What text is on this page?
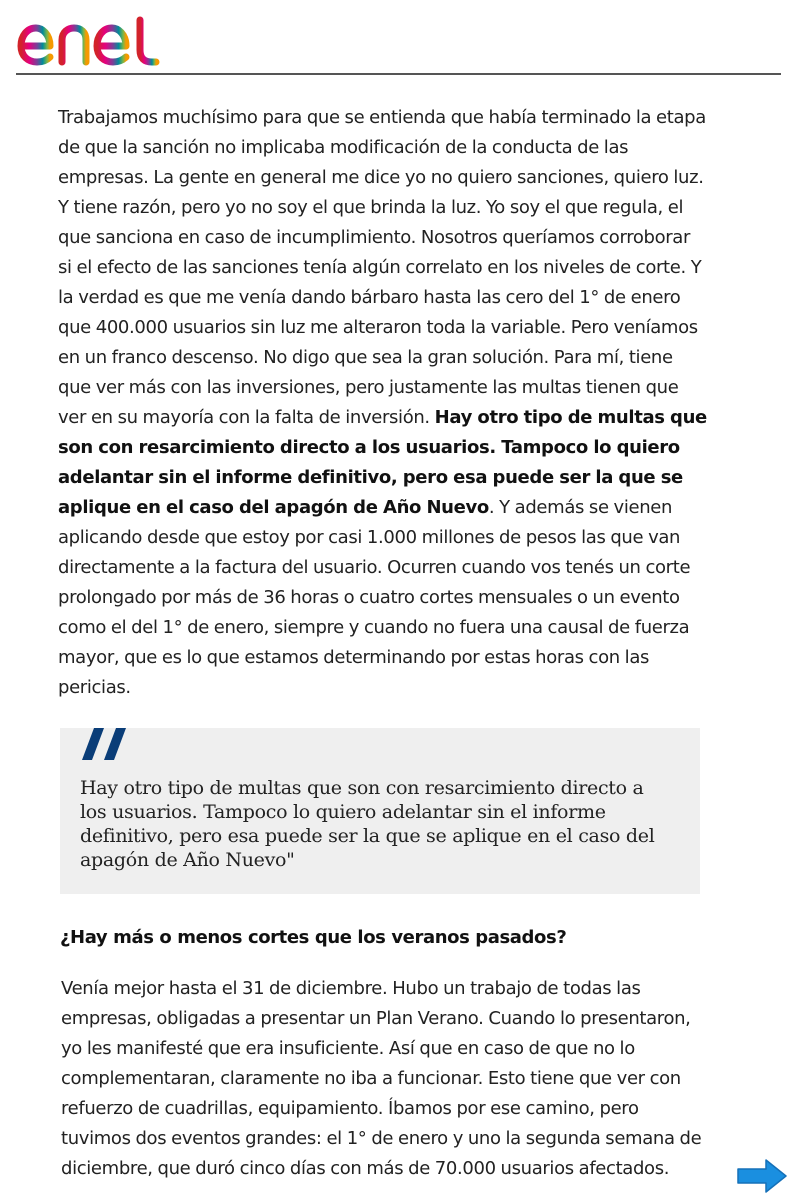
Trabajamos muchísimo para que se entienda que había terminado la etapa de que la sanción no implicaba modificación de la conducta de las empresas. La gente en general me dice yo no quiero sanciones, quiero luz. Y tiene razón, pero yo no soy el que brinda la luz. Yo soy el que regula, el que sanciona en caso de incumplimiento. Nosotros queríamos corroborar si el efecto de las sanciones tenía algún correlato en los niveles de corte. Y la verdad es que me venía dando bárbaro hasta las cero del 1° de enero que 400.000 usuarios sin luz me alteraron toda la variable. Pero veníamos en un franco descenso. No digo que sea la gran solución. Para mí, tiene que ver más con las inversiones, pero justamente las multas tienen que ver en su mayoría con la falta de inversión. Hay otro tipo de multas que son con resarcimiento directo a los usuarios. Tampoco lo quiero adelantar sin el informe definitivo, pero esa puede ser la que se aplique en el caso del apagón de Año Nuevo. Y además se vienen aplicando desde que estoy por casi 1.000 millones de pesos las que van directamente a la factura del usuario. Ocurren cuando vos tenés un corte prolongado por más de 36 horas o cuatro cortes mensuales o un evento como el del 1° de enero, siempre y cuando no fuera una causal de fuerza mayor, que es lo que estamos determinando por estas horas con las pericias.

Hay otro tipo de multas que son con resarcimiento directo a los usuarios. Tampoco lo quiero adelantar sin el informe definitivo, pero esa puede ser la que se aplique en el caso del apagón de Año Nuevo"

¿Hay más o menos cortes que los veranos pasados?

Venía mejor hasta el 31 de diciembre. Hubo un trabajo de todas las empresas, obligadas a presentar un Plan Verano. Cuando lo presentaron, yo les manifesté que era insuficiente. Así que en caso de que no lo complementaran, claramente no iba a funcionar. Esto tiene que ver con refuerzo de cuadrillas, equipamiento. Íbamos por ese camino, pero tuvimos dos eventos grandes: el 1° de enero y uno la segunda semana de diciembre, que duró cinco días con más de 70.000 usuarios afectados.
